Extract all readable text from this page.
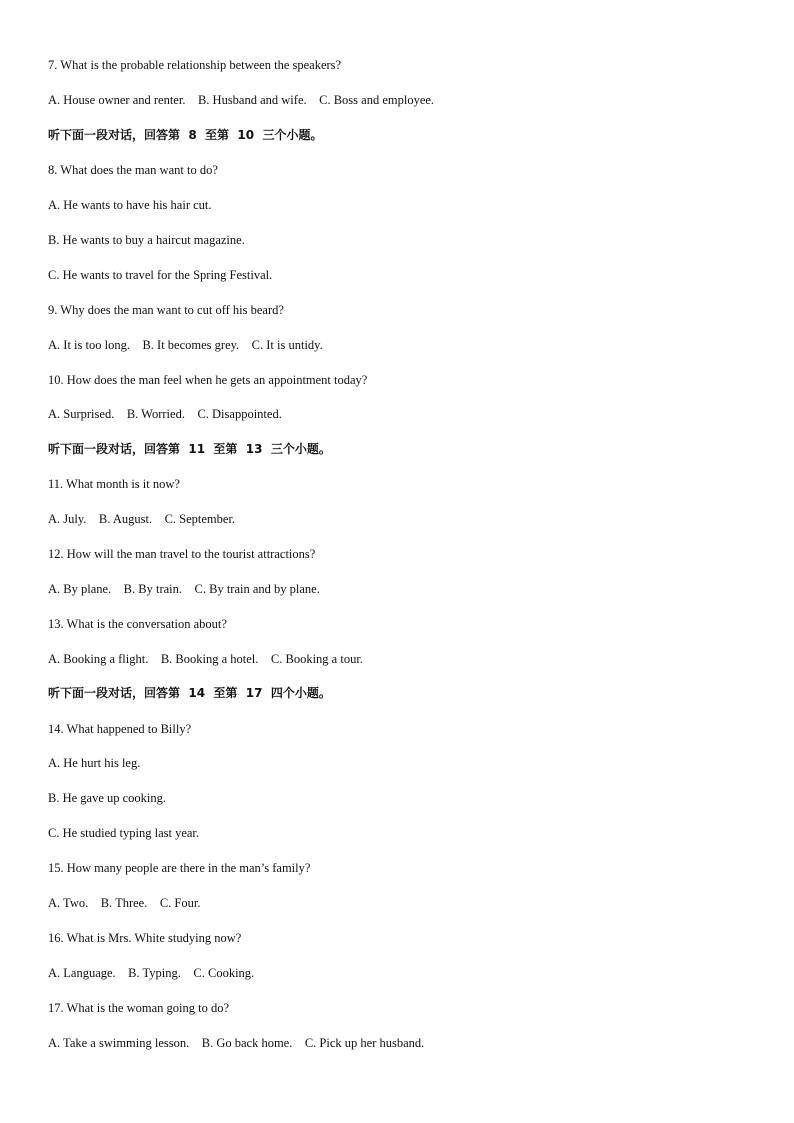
7. What is the probable relationship between the speakers?
A. House owner and renter.    B. Husband and wife.    C. Boss and employee.
听下面一段对话，回答第  8  至第  10  三个小题。
8. What does the man want to do?
A. He wants to have his hair cut.
B. He wants to buy a haircut magazine.
C. He wants to travel for the Spring Festival.
9. Why does the man want to cut off his beard?
A. It is too long.    B. It becomes grey.    C. It is untidy.
10. How does the man feel when he gets an appointment today?
A. Surprised.    B. Worried.    C. Disappointed.
听下面一段对话，回答第  11  至第  13  三个小题。
11. What month is it now?
A. July.    B. August.    C. September.
12. How will the man travel to the tourist attractions?
A. By plane.    B. By train.    C. By train and by plane.
13. What is the conversation about?
A. Booking a flight.    B. Booking a hotel.    C. Booking a tour.
听下面一段对话，回答第  14  至第  17  四个小题。
14. What happened to Billy?
A. He hurt his leg.
B. He gave up cooking.
C. He studied typing last year.
15. How many people are there in the man’s family?
A. Two.    B. Three.    C. Four.
16. What is Mrs. White studying now?
A. Language.    B. Typing.    C. Cooking.
17. What is the woman going to do?
A. Take a swimming lesson.    B. Go back home.    C. Pick up her husband.
